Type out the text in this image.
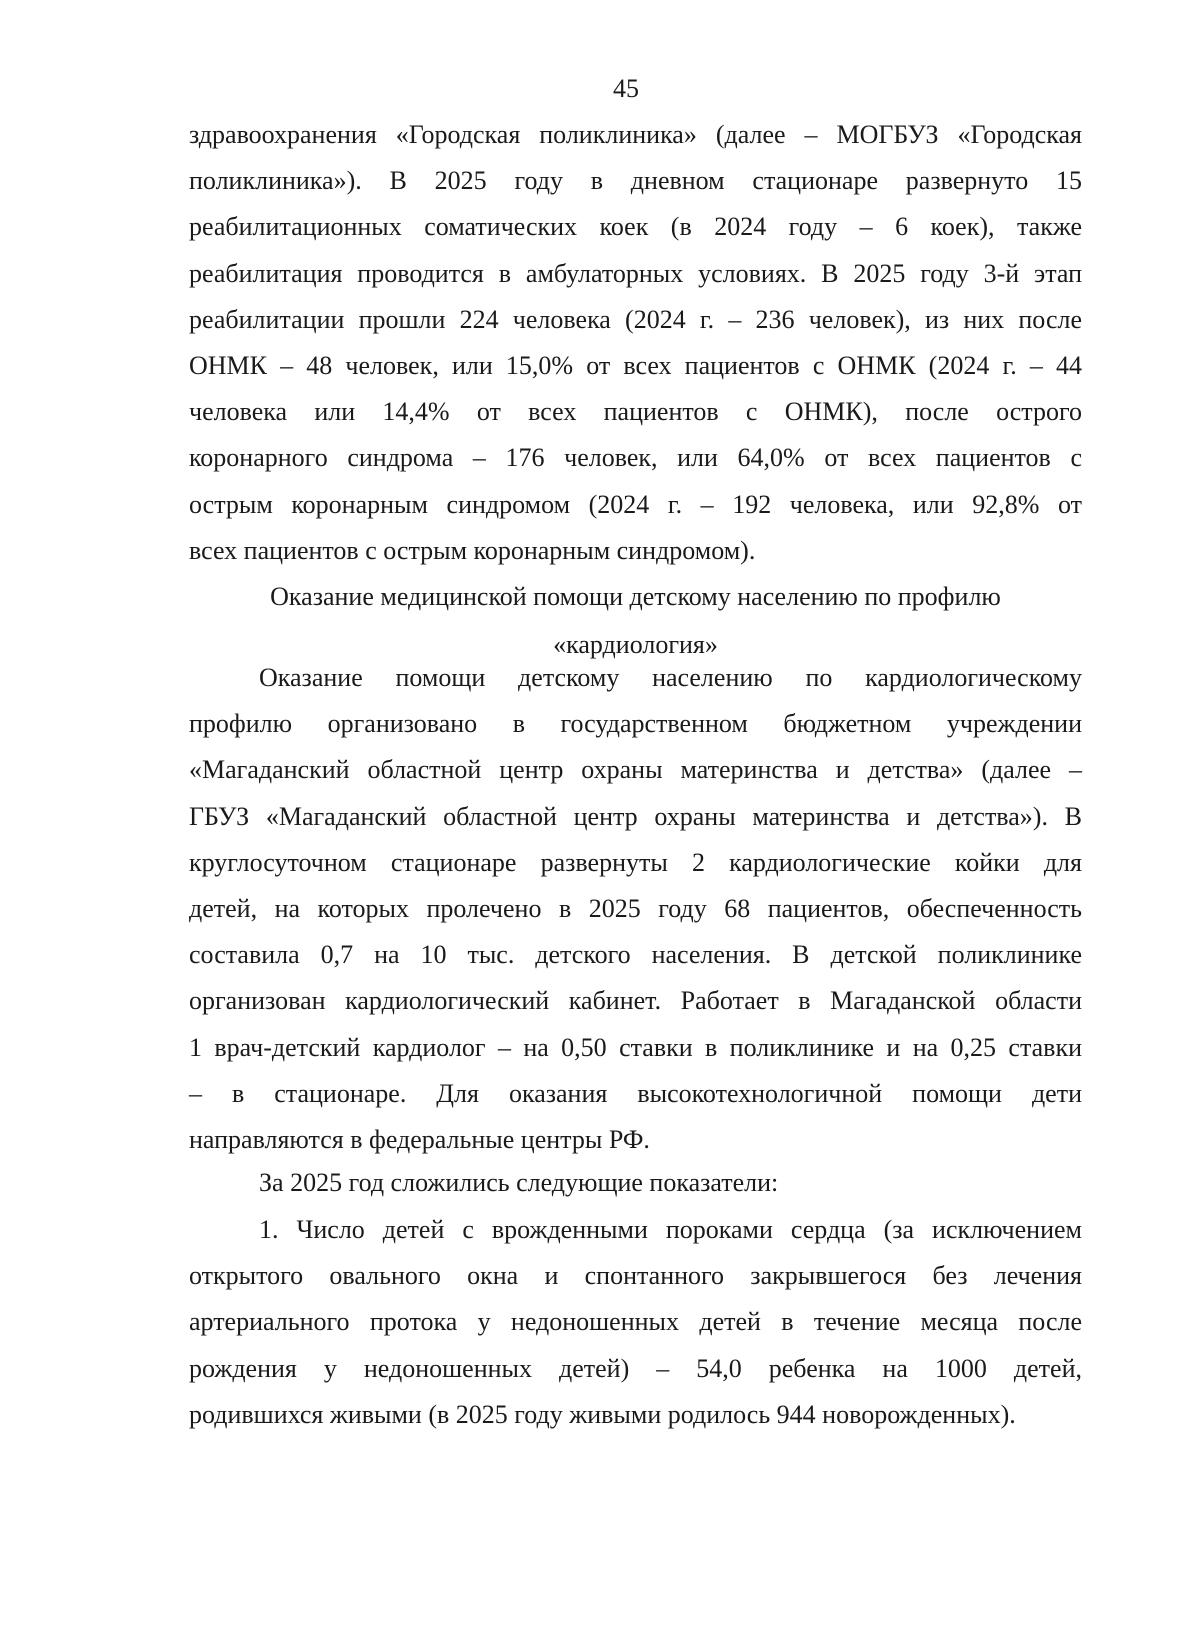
45
здравоохранения «Городская поликлиника» (далее – МОГБУЗ «Городская
поликлиника»). В 2025 году в дневном стационаре развернуто 15
реабилитационных соматических коек (в 2024 году – 6 коек), также
реабилитация проводится в амбулаторных условиях. В 2025 году 3-й этап
реабилитации прошли 224 человека (2024 г. – 236 человек), из них после
ОНМК – 48 человек, или 15,0% от всех пациентов с ОНМК (2024 г. – 44
человека или 14,4% от всех пациентов с ОНМК), после острого
коронарного синдрома – 176 человек, или 64,0% от всех пациентов с
острым коронарным синдромом (2024 г. – 192 человека, или 92,8% от
всех пациентов с острым коронарным синдромом).
Оказание медицинской помощи детскому населению по профилю
«кардиология»
Оказание помощи детскому населению по кардиологическому
профилю организовано в государственном бюджетном учреждении
«Магаданский областной центр охраны материнства и детства» (далее –
ГБУЗ «Магаданский областной центр охраны материнства и детства»). В
круглосуточном стационаре развернуты 2 кардиологические койки для
детей, на которых пролечено в 2025 году 68 пациентов, обеспеченность
составила 0,7 на 10 тыс. детского населения. В детской поликлинике
организован кардиологический кабинет. Работает в Магаданской области
1 врач-детский кардиолог – на 0,50 ставки в поликлинике и на 0,25 ставки
– в стационаре. Для оказания высокотехнологичной помощи дети
направляются в федеральные центры РФ.
За 2025 год сложились следующие показатели:
1. Число детей с врожденными пороками сердца (за исключением
открытого овального окна и спонтанного закрывшегося без лечения
артериального протока у недоношенных детей в течение месяца после
рождения у недоношенных детей) – 54,0 ребенка на 1000 детей,
родившихся живыми (в 2025 году живыми родилось 944 новорожденных).
